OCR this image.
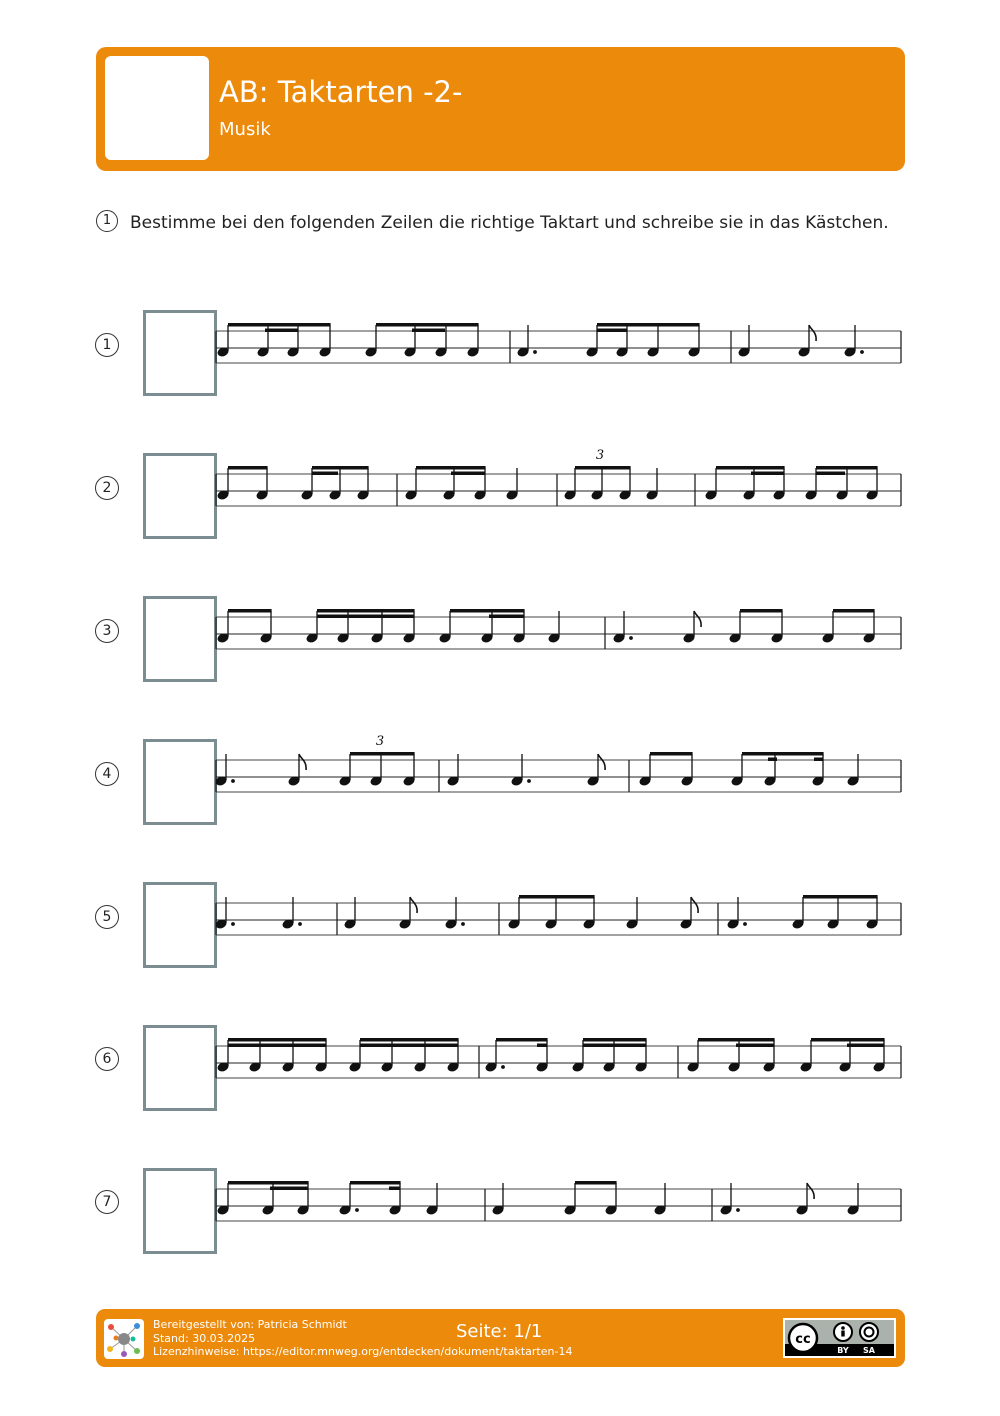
AB: Taktarten -2-
Musik
1 Bestimme bei den folgenden Zeilen die richtige Taktart und schreibe sie in das Kästchen.
1
2
3
4
5
6
7
3
3
Bereitgestellt von: Patricia Schmidt
Stand: 30.03.2025
Lizenzhinweise: https://editor.mnweg.org/entdecken/dokument/taktarten-14
Seite: 1/1	cc
BY SA
